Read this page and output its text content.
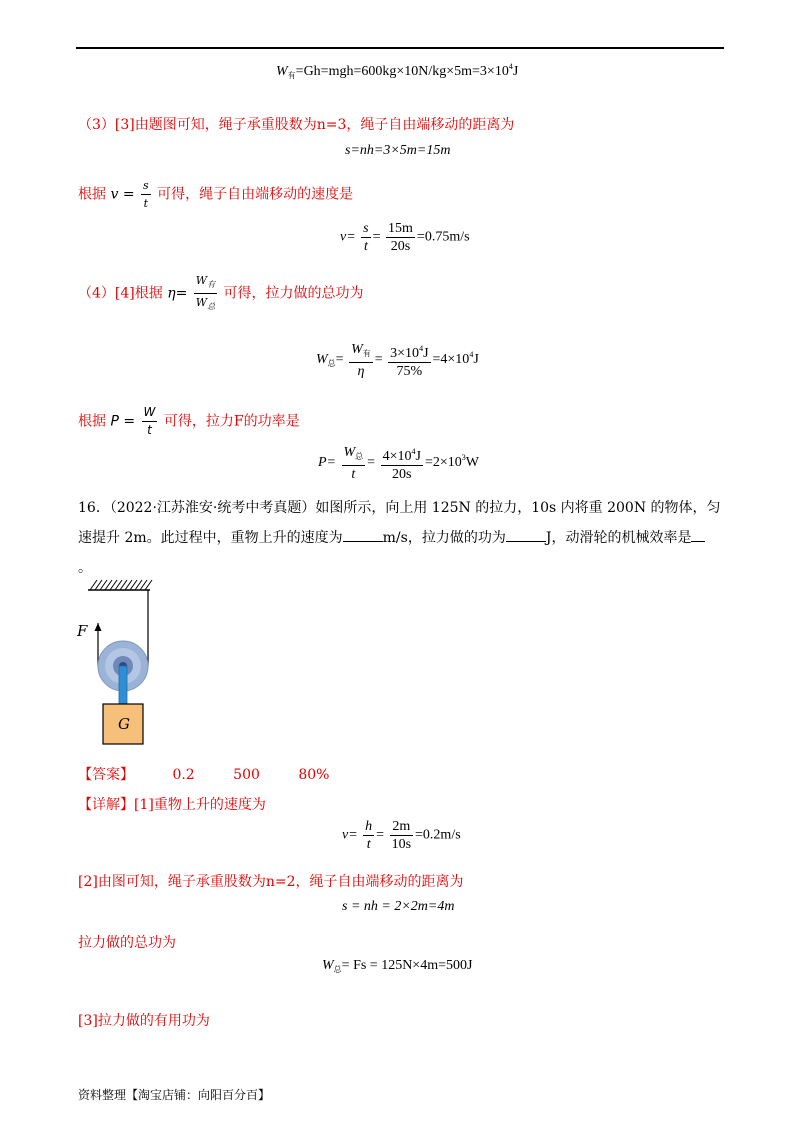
$W_有=Gh=mgh=600kg\times 10N/kg\times 5m=3\times 10^4J$
（3）[3]由题图可知，绳子承重股数为n=3，绳子自由端移动的距离为
s=nh=3×5m=15m
根据 $v = \frac{s}{t}$ 可得，绳子自由端移动的速度是
$v= \frac{s}{t} = \frac{15m}{20s} =0.75m/s$
（4）[4]根据 $\eta= \frac{W_有}{W_总}$ 可得，拉力做的总功为
$W_总= \frac{W_有}{\eta} = \frac{3\times 10^4J}{75\%} =4\times 10^4J$
根据 $P = \frac{W}{t}$ 可得，拉力F的功率是
$P= \frac{W_总}{t} = \frac{4\times 10^4J}{20s} =2\times 10^3W$
16．（2022·江苏淮安·统考中考真题）如图所示，向上用 125N 的拉力，10s 内将重 200N 的物体，匀
速提升 2m。此过程中，重物上升的速度为	m/s，拉力做的功为	J，动滑轮的机械效率是
。
F
G
【答案】	0.2	500	80%
【详解】[1]重物上升的速度为
$v= \frac{h}{t} = \frac{2m}{10s} =0.2m/s$
[2]由图可知，绳子承重股数为n=2，绳子自由端移动的距离为
s = nh = 2×2m=4m
拉力做的总功为
$W_总= Fs = 125N\times 4m=500J$
[3]拉力做的有用功为
资料整理【淘宝店铺：向阳百分百】
